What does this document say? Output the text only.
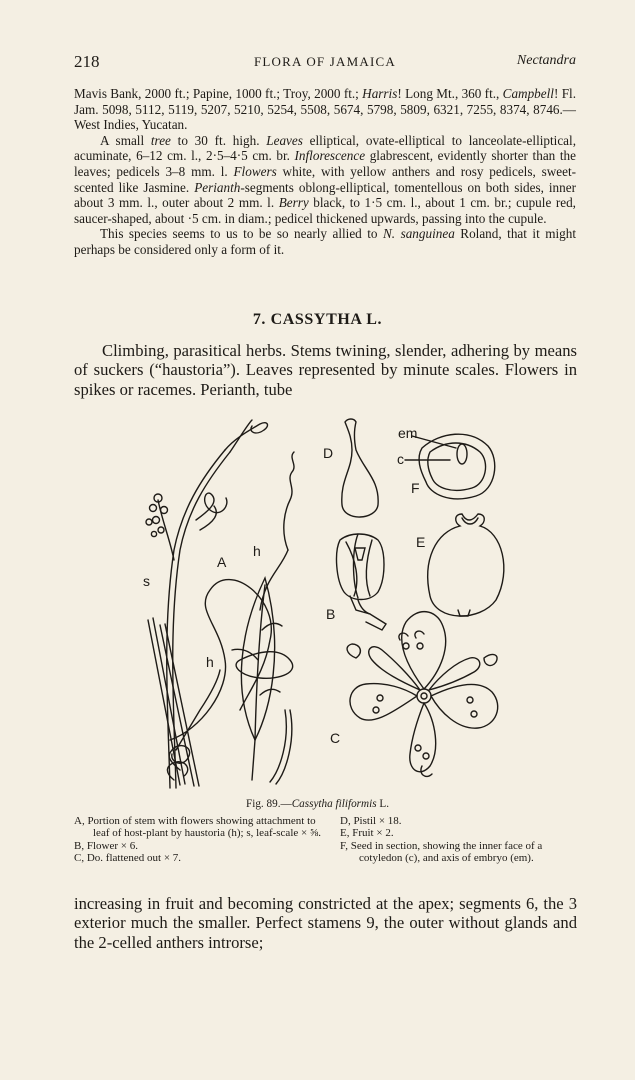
218	FLORA OF JAMAICA	Nectandra

Mavis Bank, 2000 ft.; Papine, 1000 ft.; Troy, 2000 ft.; Harris! Long Mt., 360 ft., Campbell! Fl. Jam. 5098, 5112, 5119, 5207, 5210, 5254, 5508, 5674, 5798, 5809, 6321, 7255, 8374, 8746.—West Indies, Yucatan.

A small tree to 30 ft. high. Leaves elliptical, ovate-elliptical to lanceolate-elliptical, acuminate, 6–12 cm. l., 2·5–4·5 cm. br. Inflorescence glabrescent, evidently shorter than the leaves; pedicels 3–8 mm. l. Flowers white, with yellow anthers and rosy pedicels, sweet-scented like Jasmine. Perianth-segments oblong-elliptical, tomentellous on both sides, inner about 3 mm. l., outer about 2 mm. l. Berry black, to 1·5 cm. l., about 1 cm. br.; cupule red, saucer-shaped, about ·5 cm. in diam.; pedicel thickened upwards, passing into the cupule.

This species seems to us to be so nearly allied to N. sanguinea Roland, that it might perhaps be considered only a form of it.

7. CASSYTHA L.

Climbing, parasitical herbs. Stems twining, slender, adhering by means of suckers (“haustoria”). Leaves represented by minute scales. Flowers in spikes or racemes. Perianth, tube

A
h
h
s
D
em
c
F
E
B
C
Fig. 89.—Cassytha filiformis L.
A, Portion of stem with flowers showing attachment to leaf of host-plant by haustoria (h); s, leaf-scale × ⅝.
B, Flower × 6.
C, Do. flattened out × 7.
D, Pistil × 18.
E, Fruit × 2.
F, Seed in section, showing the inner face of a cotyledon (c), and axis of embryo (em).

increasing in fruit and becoming constricted at the apex; segments 6, the 3 exterior much the smaller. Perfect stamens 9, the outer without glands and the 2-celled anthers introrse;
